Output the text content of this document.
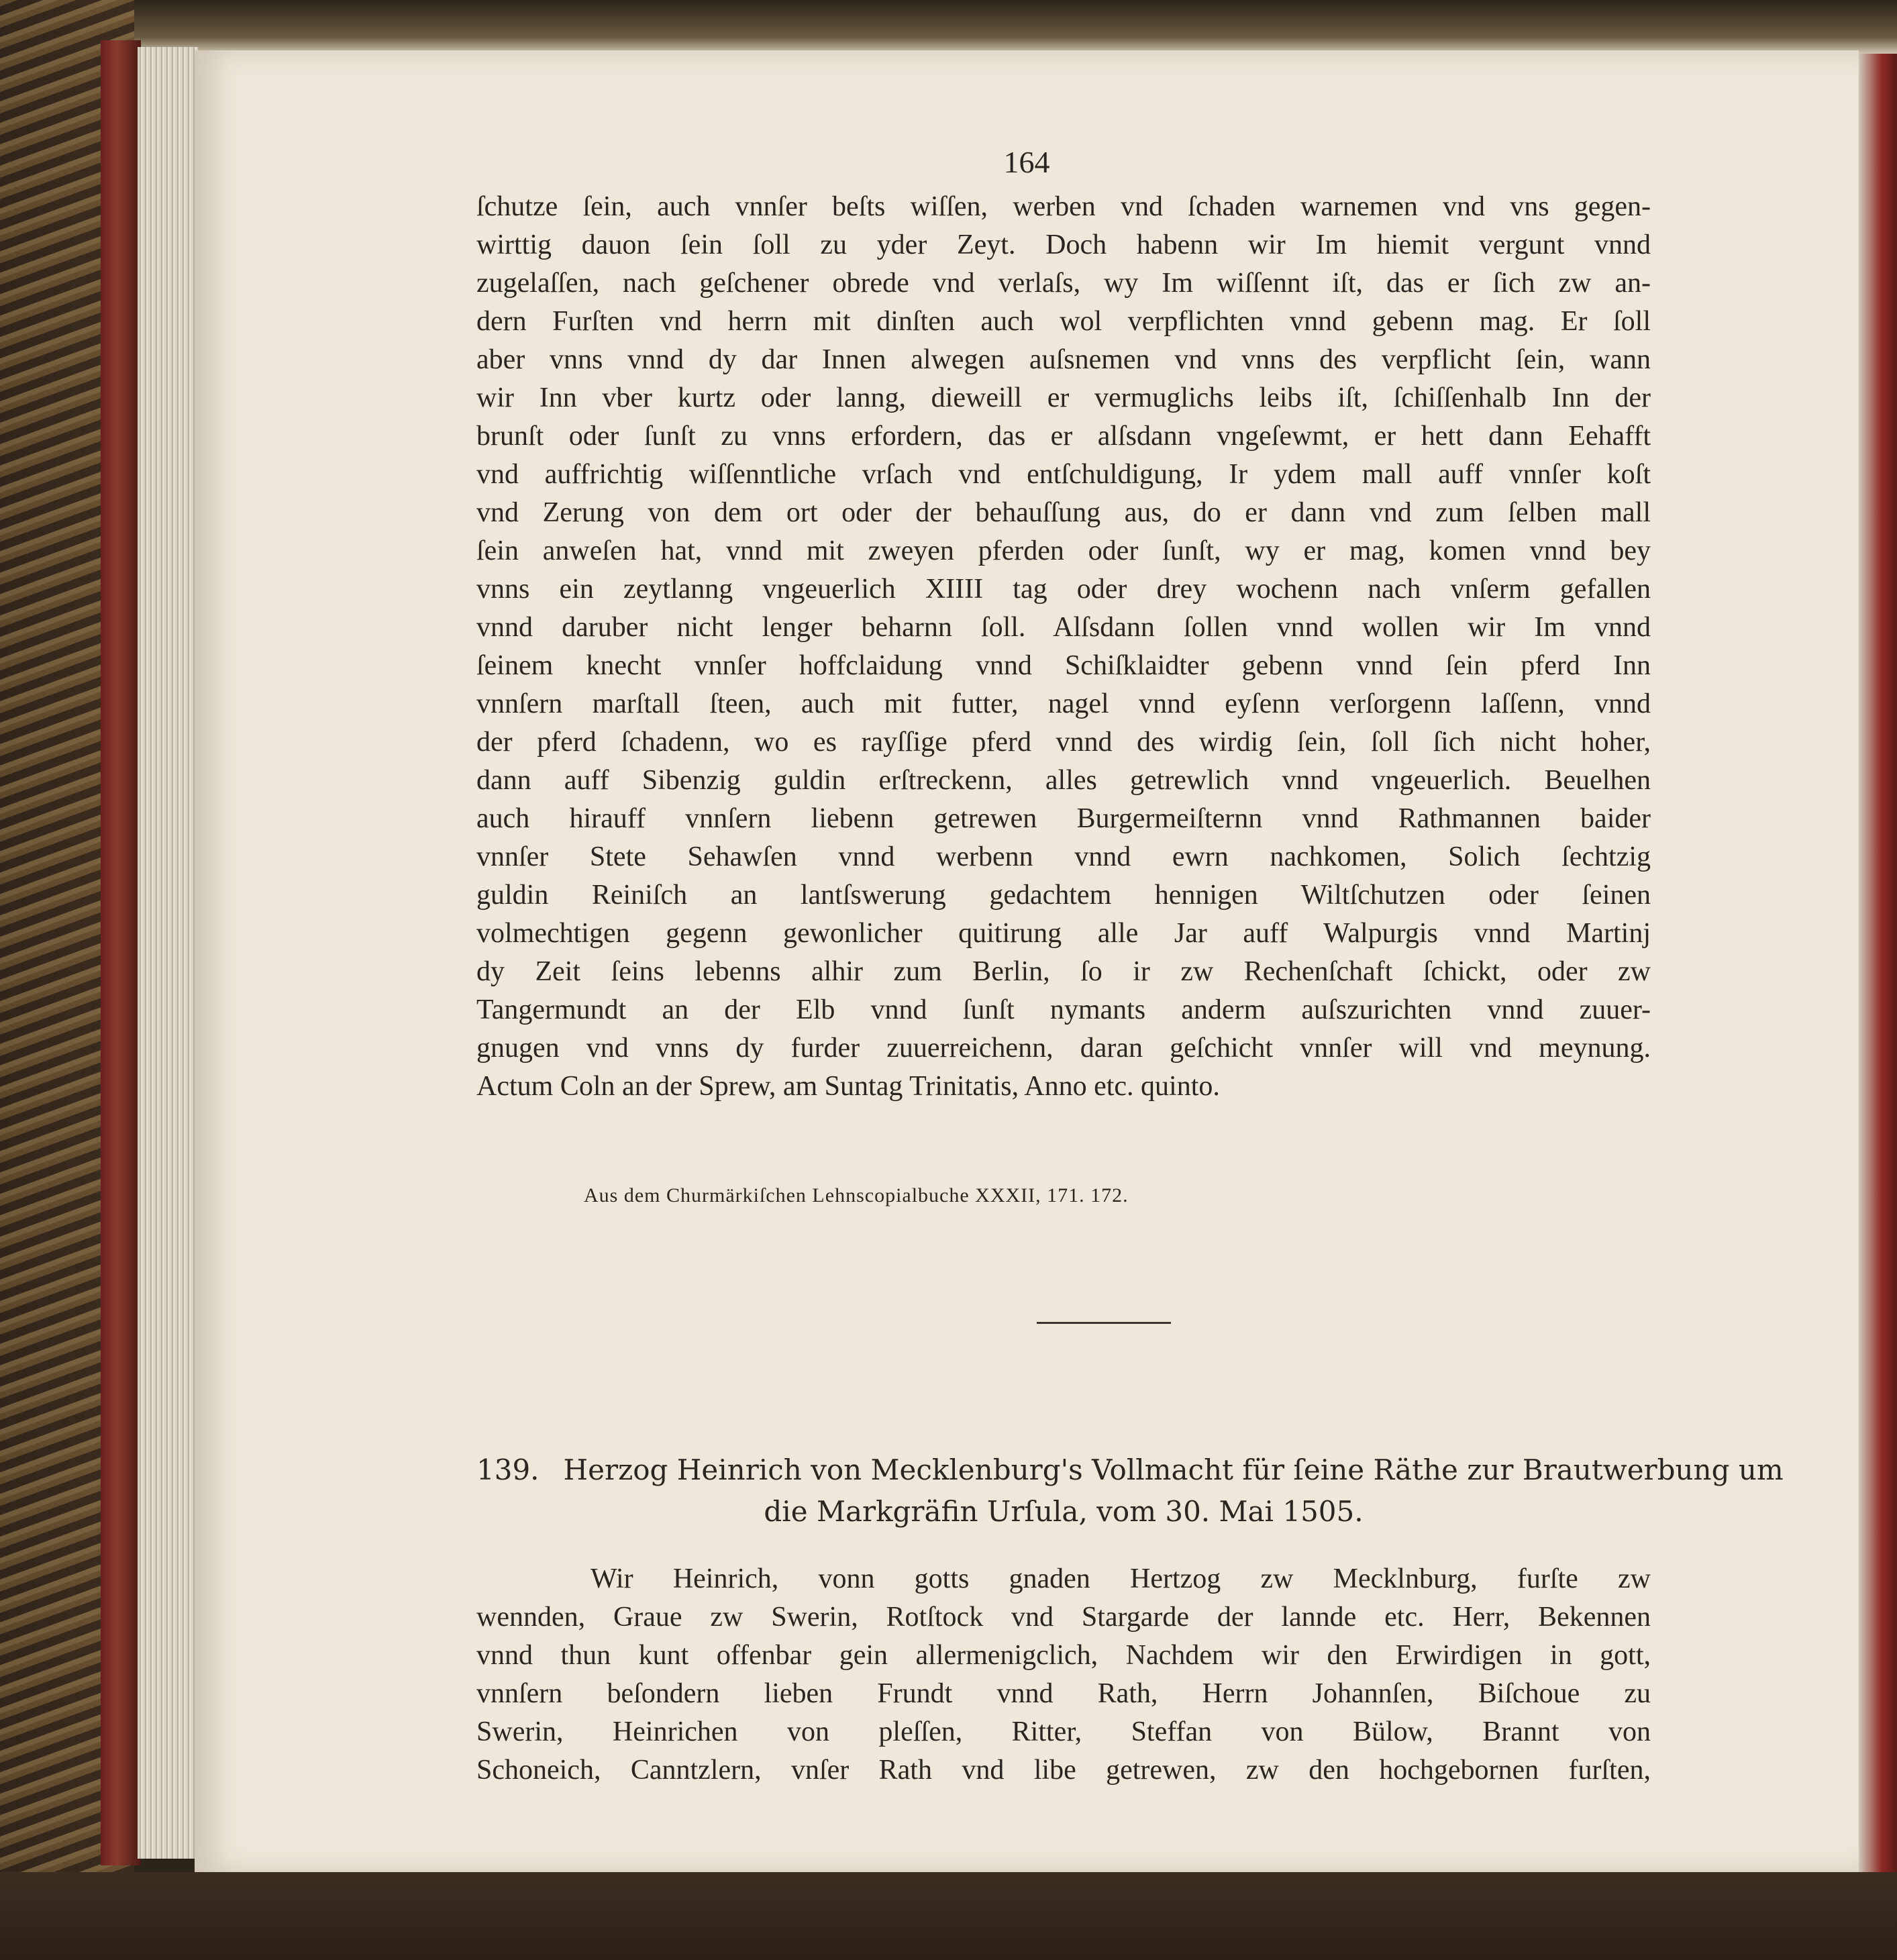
164
ſchutze ſein, auch vnnſer beſts wiſſen, werben vnd ſchaden warnemen vnd vns gegen-
wirttig dauon ſein ſoll zu yder Zeyt. Doch habenn wir Im hiemit vergunt vnnd
zugelaſſen, nach geſchener obrede vnd verlaſs, wy Im wiſſennt iſt, das er ſich zw an-
dern Furſten vnd herrn mit dinſten auch wol verpflichten vnnd gebenn mag. Er ſoll
aber vnns vnnd dy dar Innen alwegen auſsnemen vnd vnns des verpflicht ſein, wann
wir Inn vber kurtz oder lanng, dieweill er vermuglichs leibs iſt, ſchiſſenhalb Inn der
brunſt oder ſunſt zu vnns erfordern, das er alſsdann vngeſewmt, er hett dann Eehafft
vnd auffrichtig wiſſenntliche vrſach vnd entſchuldigung, Ir ydem mall auff vnnſer koſt
vnd Zerung von dem ort oder der behauſſung aus, do er dann vnd zum ſelben mall
ſein anweſen hat, vnnd mit zweyen pferden oder ſunſt, wy er mag, komen vnnd bey
vnns ein zeytlanng vngeuerlich XIIII tag oder drey wochenn nach vnſerm gefallen
vnnd daruber nicht lenger beharnn ſoll. Alſsdann ſollen vnnd wollen wir Im vnnd
ſeinem knecht vnnſer hoffclaidung vnnd Schiſklaidter gebenn vnnd ſein pferd Inn
vnnſern marſtall ſteen, auch mit futter, nagel vnnd eyſenn verſorgenn laſſenn, vnnd
der pferd ſchadenn, wo es rayſſige pferd vnnd des wirdig ſein, ſoll ſich nicht hoher,
dann auff Sibenzig guldin erſtreckenn, alles getrewlich vnnd vngeuerlich. Beuelhen
auch hirauff vnnſern liebenn getrewen Burgermeiſternn vnnd Rathmannen baider
vnnſer Stete Sehawſen vnnd werbenn vnnd ewrn nachkomen, Solich ſechtzig
guldin Reiniſch an lantſswerung gedachtem hennigen Wiltſchutzen oder ſeinen
volmechtigen gegenn gewonlicher quitirung alle Jar auff Walpurgis vnnd Martinj
dy Zeit ſeins lebenns alhir zum Berlin, ſo ir zw Rechenſchaft ſchickt, oder zw
Tangermundt an der Elb vnnd ſunſt nymants anderm auſszurichten vnnd zuuer-
gnugen vnd vnns dy furder zuuerreichenn, daran geſchicht vnnſer will vnd meynung.
Actum Coln an der Sprew, am Suntag Trinitatis, Anno etc. quinto.
Aus dem Churmärkiſchen Lehnscopialbuche XXXII, 171. 172.
139. Herzog Heinrich von Mecklenburg's Vollmacht für ſeine Räthe zur Brautwerbung um
die Markgräfin Urſula, vom 30. Mai 1505.
Wir Heinrich, vonn gotts gnaden Hertzog zw Mecklnburg, furſte zw
wennden, Graue zw Swerin, Rotſtock vnd Stargarde der lannde etc. Herr, Bekennen
vnnd thun kunt offenbar gein allermenigclich, Nachdem wir den Erwirdigen in gott,
vnnſern beſondern lieben Frundt vnnd Rath, Herrn Johannſen, Biſchoue zu
Swerin, Heinrichen von pleſſen, Ritter, Steffan von Bülow, Brannt von
Schoneich, Canntzlern, vnſer Rath vnd libe getrewen, zw den hochgebornen furſten,
